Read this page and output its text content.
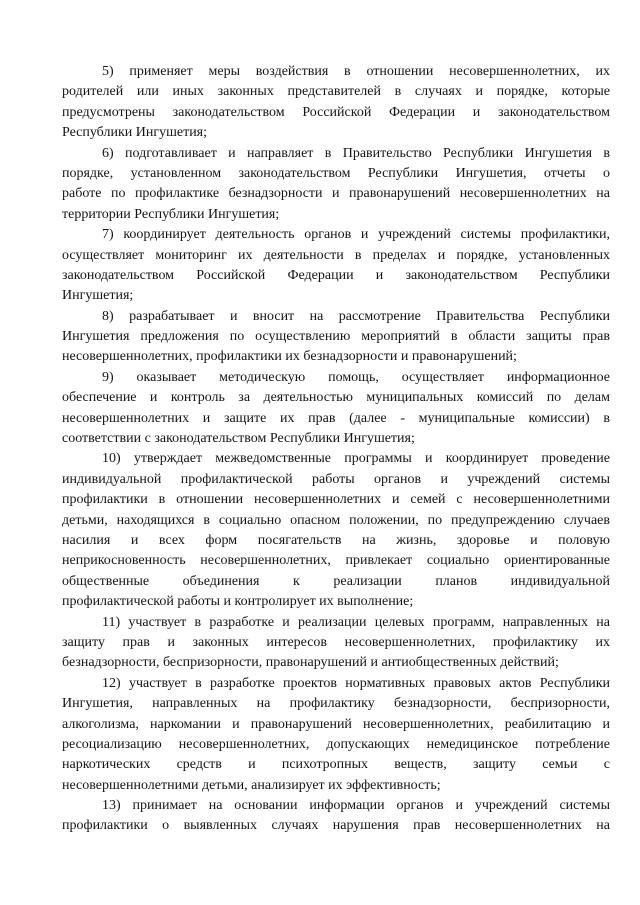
5) применяет меры воздействия в отношении несовершеннолетних, их
родителей или иных законных представителей в случаях и порядке, которые
предусмотрены законодательством Российской Федерации и законодательством
Республики Ингушетия;
6) подготавливает и направляет в Правительство Республики Ингушетия в
порядке, установленном законодательством Республики Ингушетия, отчеты о
работе по профилактике безнадзорности и правонарушений несовершеннолетних на
территории Республики Ингушетия;
7) координирует деятельность органов и учреждений системы профилактики,
осуществляет мониторинг их деятельности в пределах и порядке, установленных
законодательством Российской Федерации и законодательством Республики
Ингушетия;
8) разрабатывает и вносит на рассмотрение Правительства Республики
Ингушетия предложения по осуществлению мероприятий в области защиты прав
несовершеннолетних, профилактики их безнадзорности и правонарушений;
9) оказывает методическую помощь, осуществляет информационное
обеспечение и контроль за деятельностью муниципальных комиссий по делам
несовершеннолетних и защите их прав (далее - муниципальные комиссии) в
соответствии с законодательством Республики Ингушетия;
10) утверждает межведомственные программы и координирует проведение
индивидуальной профилактической работы органов и учреждений системы
профилактики в отношении несовершеннолетних и семей с несовершеннолетними
детьми, находящихся в социально опасном положении, по предупреждению случаев
насилия и всех форм посягательств на жизнь, здоровье и половую
неприкосновенность несовершеннолетних, привлекает социально ориентированные
общественные объединения к реализации планов индивидуальной
профилактической работы и контролирует их выполнение;
11) участвует в разработке и реализации целевых программ, направленных на
защиту прав и законных интересов несовершеннолетних, профилактику их
безнадзорности, беспризорности, правонарушений и антиобщественных действий;
12) участвует в разработке проектов нормативных правовых актов Республики
Ингушетия, направленных на профилактику безнадзорности, беспризорности,
алкоголизма, наркомании и правонарушений несовершеннолетних, реабилитацию и
ресоциализацию несовершеннолетних, допускающих немедицинское потребление
наркотических средств и психотропных веществ, защиту семьи с
несовершеннолетними детьми, анализирует их эффективность;
13) принимает на основании информации органов и учреждений системы
профилактики о выявленных случаях нарушения прав несовершеннолетних на
